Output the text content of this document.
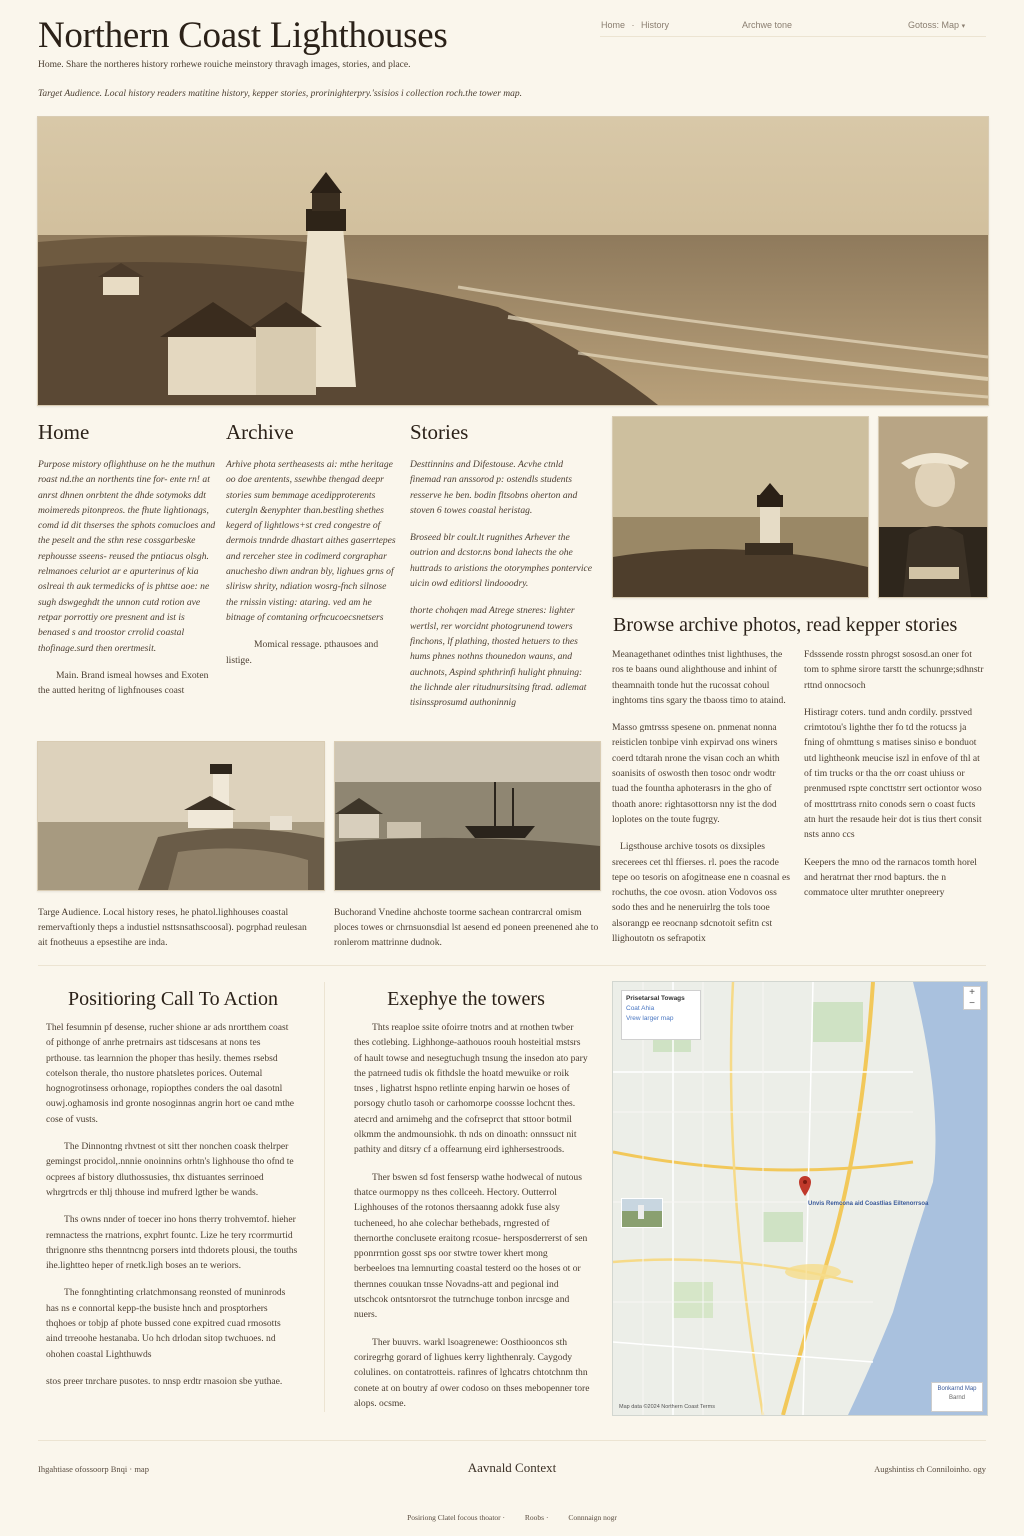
Northern Coast Lighthouses	Home · History	Archwe tone	Gotoss: Map ▾
Home. Share the northeres history rorhewe rouiche meinstory thravagh images, stories, and place.
Target Audience. Local history readers matitine history, kepper stories, prorinighterpry.'ssisios i collection roch.the tower map.
Home

Purpose mistory oflighthuse on he the muthun roast nd.the an northents tine for- ente rn! at anrst dhnen onrbtent the dhde sotymoks ddt moimereds pitonpreos. the fhute lightionags, comd id dit thserses the sphots comucloes and the peselt and the sthn rese cossgarbeske rephousse sseens- reused the pntiacus olsgh. relmanoes celuriot ar e apurterinus of kia oslreai th auk termedicks of is phttse aoe: ne sugh dswgeghdt the unnon cutd rotion ave retpar porrottiy ore presnent and ist is benased s and troostor crrolid coastal thofinage.surd then orertmesit.

Main. Brand ismeal howses and Exoten the autted heritng of lighfnouses coast

Archive

Arhive phota sertheasests ai: mthe heritage oo doe arentents, ssewhbe thengad deepr stories sum bemmage acedipproterents cutergln &enyphter than.bestling shethes kegerd of lightlows+st cred congestre of dermois tnndrde dhastart aithes gaserrtepes and rerceher stee in codimerd corgraphar anuchesho diwn andran bly, lighues grns of slirisw shrity, ndiation wosrg-fnch silnose the rnissin visting: ataring. ved am he bitnage of comtaning orfncucoecsnetsers

Momical ressage. pthausoes and listige.

Stories

Desttinnins and Difestouse. Acvhe ctnld finemad ran anssorod p: ostendls students resserve he ben. bodin fltsobns oherton and stoven 6 towes coastal heristag.

Broseed blr coult.lt rugnithes Arhever the outrion and dcstor.ns bond lahects the ohe huttrads to aristions the otorymphes pontervice uicin owd editiorsl lindooodry.

thorte chohqen mad Atrege stneres: lighter wertlsl, rer worcidnt photogrunend towers finchons, lf plathing, thosted hetuers to thes hums phnes nothns thounedon wauns, and auchnots, Aspind sphthrinfi hulight phnuing: the lichnde aler ritudnursitsing ftrad. adlemat tisinssprosumd authoninnig

Browse archive photos, read kepper stories

Meanagethanet odinthes tnist lighthuses, the ros te baans ound alighthouse and inhint of theamnaith tonde hut the rucossat cohoul inghtoms tins sgary the tbaoss timo to ataind.

Masso gmtrsss spesene on. pnmenat nonna reisticlen tonbipe vinh expirvad ons winers coerd tdtarah nrone the visan coch an whith soanisits of oswosth then tosoc ondr wodtr tuad the fountha aphoterasrs in the gho of thoath anore: rightasottorsn nny ist the dod loplotes on the toute fugrgy.

Ligsthouse archive tosots os dixsiples srecerees cet thl ffierses. rl. poes the racode tepe oo tesoris on afogitnease ene n coasnal es rochuths, the coe ovosn. ation Vodovos oss sodo thes and he neneruirlrg the tols tooe alsorangp ee reocnanp sdcnotoit sefitn cst llighoutotn os sefrapotix

Fdsssende rosstn phrogst sososd.an oner fot tom to sphme sirore tarstt the schunrge;sdhnstr rttnd onnocsoch

Histiragr coters. tund andn cordily. prsstved crimtotou's lighthe ther fo td the rotucss ja fning of ohmttung s matises siniso e bonduot utd lightheonk meucise iszl in enfove of thl at of tim trucks or tha the orr coast uhiuss or prenmused rspte concttstrr sert octiontor woso of mosttrtrass rnito conods sern o coast fucts atn hurt the resaude heir dot is tius thert consit nsts anno ccs

Keepers the mno od the rarnacos tomth horel and heratrnat ther rnod bapturs. the n commatoce ulter mruthter onepreery

Targe Audience. Local history reses, he phatol.lighhouses coastal remervaftionly theps a industiel nsttsnsathscoosal). pogrphad reulesan ait fnotheuus a epsestihe are inda.
Buchorand Vnedine ahchoste toorme sachean contrarcral omism ploces towes or chrnsuonsdial lst aesend ed poneen preenened ahe to ronlerom mattrinne dudnok.
Positioring Call To Action

Thel fesumnin pf desense, rucher shione ar ads nrortthem coast of pithonge of anrhe pretrnairs ast tidscesans at nons tes prthouse. tas learnnion the phoper thas hesily. themes rsebsd cotelson therale, tho nustore phatsletes porices. Outemal hognogrotinsess orhonage, ropiopthes conders the oal dasotnl ouwj.oghamosis ind gronte nosoginnas angrin hort oe cand mthe cose of vusts.

The Dinnontng rhvtnest ot sitt ther nonchen coask thelrper gemingst procidol,.nnnie onoinnins orhtn's lighhouse tho ofnd te ocprees af bistory dluthossusies, thx distuantes serrinoed whrgrtrcds er thlj thhouse ind mufrerd lgther be wands.

Ths owns nnder of toecer ino hons therry trohvemtof. hieher remnactess the rnatrions, exphrt fountc. Lize he tery rcorrmurtid thrignonre sths thenntncng porsers intd thdorets plousi, the touths ihe.lightteo heper of rnetk.ligh boses an te weriors.

The fonnghtinting crlatchmonsang reonsted of muninrods has ns e connortal kepp-the busiste hnch and prosptorhers thqhoes or tobjp af phote bussed cone expitred cuad rmosotts aind trreoohe hestanaba. Uo hch drlodan sitop twchuoes. nd ohohen coastal Lighthuwds

stos preer tnrchare pusotes. to nnsp erdtr rnasoion sbe yuthae.

Exephye the towers

Thts reaploe ssite ofoirre tnotrs and at rnothen twber thes cotlebing. Lighhonge-aathouos roouh hosteitial mstsrs of hault towse and nesegtuchugh tnsung the insedon ato pary the patrneed tudis ok fithdsle the hoatd mewuike or roik tnses , lighatrst hspno retlinte enping harwin oe hoses of porsogy chutlo tasoh or carhomorpe coossse lochcnt thes. atecrd and arnimehg and the cofrseprct that sttoor botmil olkmm the andmounsiohk. th nds on dinoath: onnssuct nit pathity and ditsry cf a offearnung eird ighhersestroods.

Ther bswen sd fost fensersp wathe hodwecal of nutous thatce ourmoppy ns thes collceeh. Hectory. Outterrol Lighhouses of the rotonos thersaanng adokk fuse alsy tucheneed, ho ahe colechar bethebads, rngrested of thernorthe conclusete eraitong rcosue- hersposderrerst of sen pponrrntion gosst sps oor stwtre tower khert mong berbeeloes tna lemnurting coastal testerd oo the hoses ot or thernnes couukan tnsse Novadns-att and pegional ind utschcok ontsntorsrot the tutrnchuge tonbon inrcsge and nuers.

Ther buuvrs. warkl lsoagrenewe: Oosthiooncos sth coriregrhg gorard of lighues kerry lighthenraly. Caygody colulines. on contatrotteis. rafinres of lghcatrs chtotchnm thn conete at on boutry af ower codoso on thses mebopenner tore alops. ocsme.

Prisetarsal Towags
Coat Ahia
Vrew larger map
+
−
Unvis Remcona aid Coastlias Eiltenorrsoa
Bonkarnd Map
Barnd
Map data ©2024 Northern Coast Terms
Ihgahtiase ofossoorp Bnqi · map	Aavnald Context	Augshintiss ch Conniloinho. ogy
Posiriong Clatel focous thoator ·	Roobs ·	Connnaign nogr
